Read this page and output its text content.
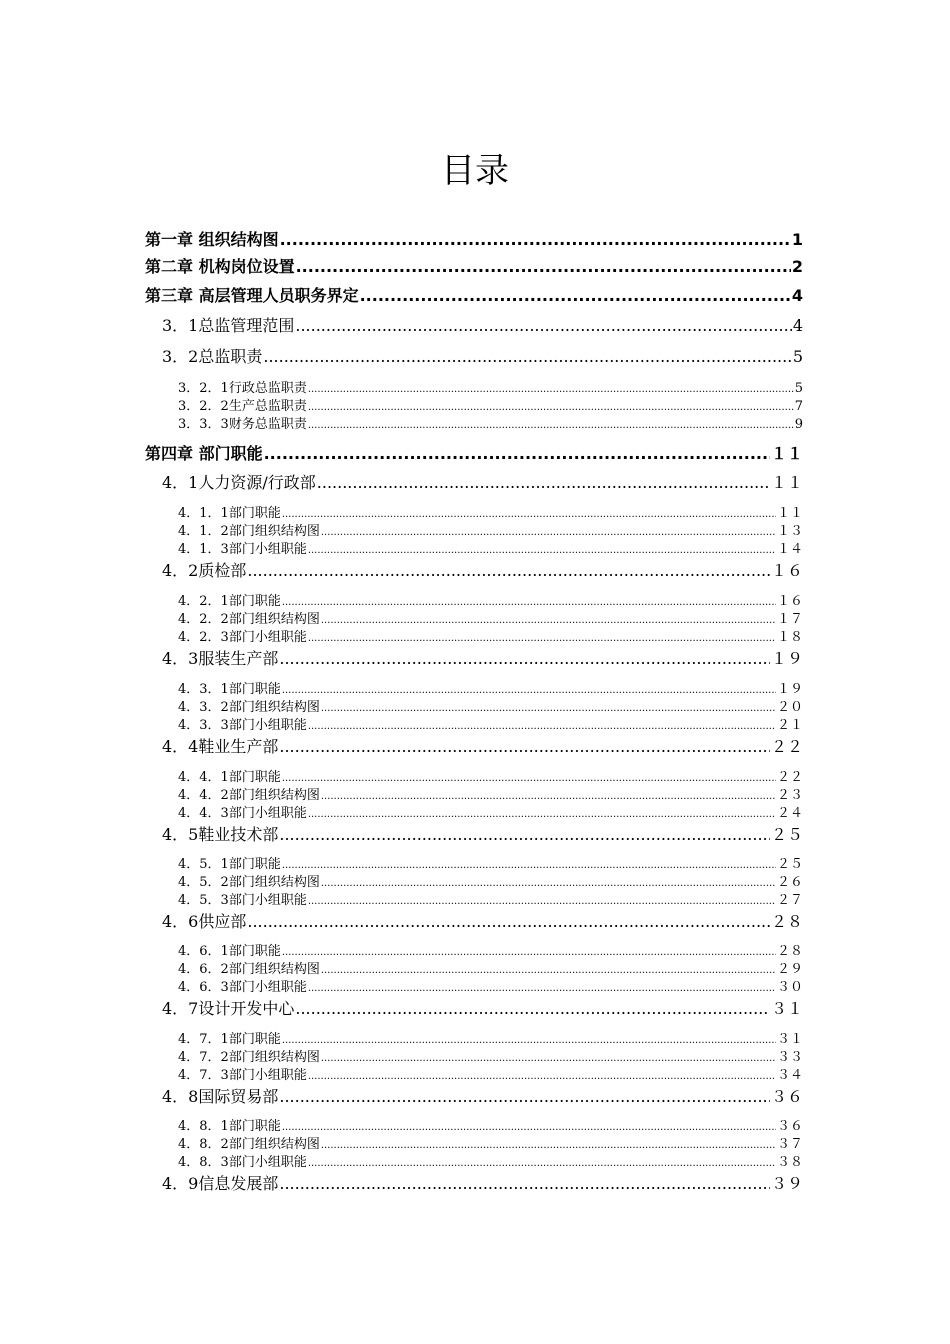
目录
第一章 组织结构图 .....	1
第二章 机构岗位设置 .....	2
第三章 高层管理人员职务界定 .....	4
3．1总监管理范围 .....	4
3．2总监职责 .....	5
3．2．1行政总监职责 .....	5
3．2．2生产总监职责 .....	7
3．3．3财务总监职责 .....	9
第四章 部门职能 .....	１１
4．1人力资源/行政部 .....	１１
4．1．1部门职能 .....	１１
4．1．2部门组织结构图 .....	１３
4．1．3部门小组职能 .....	１４
4．2质检部 .....	１６
4．2．1部门职能 .....	１６
4．2．2部门组织结构图 .....	１７
4．2．3部门小组职能 .....	１８
4．3服装生产部 .....	１９
4．3．1部门职能 .....	１９
4．3．2部门组织结构图 .....	２０
4．3．3部门小组职能 .....	２１
4．4鞋业生产部 .....	２２
4．4．1部门职能 .....	２２
4．4．2部门组织结构图 .....	２３
4．4．3部门小组职能 .....	２４
4．5鞋业技术部 .....	２５
4．5．1部门职能 .....	２５
4．5．2部门组织结构图 .....	２６
4．5．3部门小组职能 .....	２７
4．6供应部 .....	２８
4．6．1部门职能 .....	２８
4．6．2部门组织结构图 .....	２９
4．6．3部门小组职能 .....	３０
4．7设计开发中心 .....	３１
4．7．1部门职能 .....	３１
4．7．2部门组织结构图 .....	３３
4．7．3部门小组职能 .....	３４
4．8国际贸易部 .....	３６
4．8．1部门职能 .....	３６
4．8．2部门组织结构图 .....	３７
4．8．3部门小组职能 .....	３８
4．9信息发展部 .....	３９
